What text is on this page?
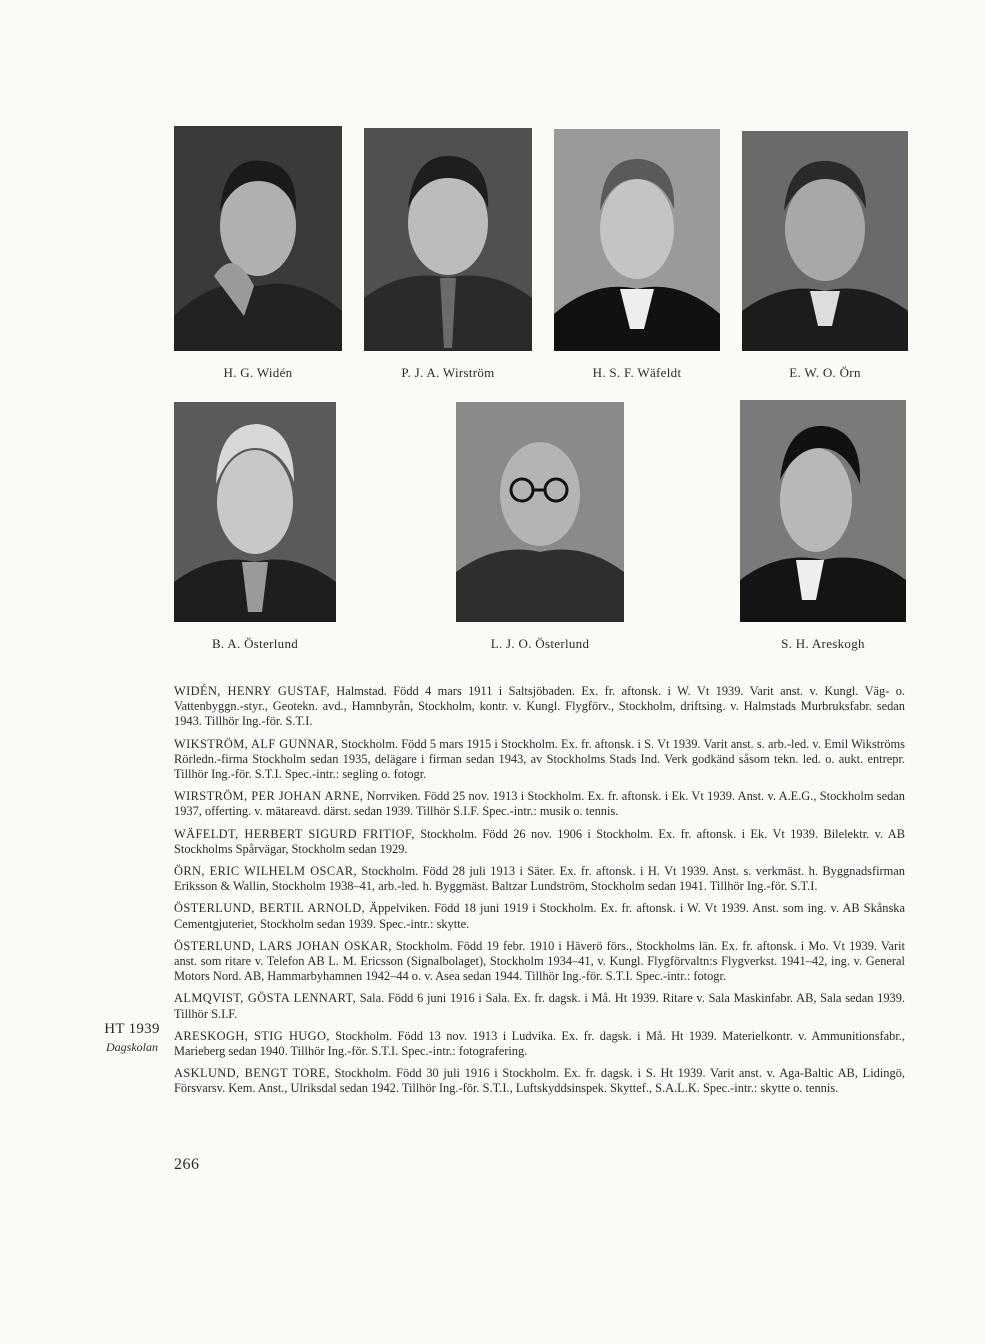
H. G. Widén	P. J. A. Wirström	H. S. F. Wäfeldt	E. W. O. Örn
B. A. Österlund	L. J. O. Österlund	S. H. Areskogh
HT 1939
Dagskolan

WIDÉN, HENRY GUSTAF, Halmstad. Född 4 mars 1911 i Saltsjöbaden. Ex. fr. aftonsk. i W. Vt 1939. Varit anst. v. Kungl. Väg- o. Vattenbyggn.-styr., Geotekn. avd., Hamnbyrån, Stockholm, kontr. v. Kungl. Flygförv., Stockholm, driftsing. v. Halmstads Murbruksfabr. sedan 1943. Tillhör Ing.-för. S.T.I.

WIKSTRÖM, ALF GUNNAR, Stockholm. Född 5 mars 1915 i Stockholm. Ex. fr. aftonsk. i S. Vt 1939. Varit anst. s. arb.-led. v. Emil Wikströms Rörledn.-firma Stockholm sedan 1935, delägare i firman sedan 1943, av Stockholms Stads Ind. Verk godkänd såsom tekn. led. o. aukt. entrepr. Tillhör Ing.-för. S.T.I. Spec.-intr.: segling o. fotogr.

WIRSTRÖM, PER JOHAN ARNE, Norrviken. Född 25 nov. 1913 i Stockholm. Ex. fr. aftonsk. i Ek. Vt 1939. Anst. v. A.E.G., Stockholm sedan 1937, offerting. v. mätareavd. därst. sedan 1939. Tillhör S.I.F. Spec.-intr.: musik o. tennis.

WÄFELDT, HERBERT SIGURD FRITIOF, Stockholm. Född 26 nov. 1906 i Stockholm. Ex. fr. aftonsk. i Ek. Vt 1939. Bilelektr. v. AB Stockholms Spårvägar, Stockholm sedan 1929.

ÖRN, ERIC WILHELM OSCAR, Stockholm. Född 28 juli 1913 i Säter. Ex. fr. aftonsk. i H. Vt 1939. Anst. s. verkmäst. h. Byggnadsfirman Eriksson & Wallin, Stockholm 1938–41, arb.-led. h. Byggmäst. Baltzar Lundström, Stockholm sedan 1941. Tillhör Ing.-för. S.T.I.

ÖSTERLUND, BERTIL ARNOLD, Äppelviken. Född 18 juni 1919 i Stockholm. Ex. fr. aftonsk. i W. Vt 1939. Anst. som ing. v. AB Skånska Cementgjuteriet, Stockholm sedan 1939. Spec.-intr.: skytte.

ÖSTERLUND, LARS JOHAN OSKAR, Stockholm. Född 19 febr. 1910 i Häverö förs., Stockholms län. Ex. fr. aftonsk. i Mo. Vt 1939. Varit anst. som ritare v. Telefon AB L. M. Ericsson (Signalbolaget), Stockholm 1934–41, v. Kungl. Flygförvaltn:s Flygverkst. 1941–42, ing. v. General Motors Nord. AB, Hammarbyhamnen 1942–44 o. v. Asea sedan 1944. Tillhör Ing.-för. S.T.I. Spec.-intr.: fotogr.

ALMQVIST, GÖSTA LENNART, Sala. Född 6 juni 1916 i Sala. Ex. fr. dagsk. i Må. Ht 1939. Ritare v. Sala Maskinfabr. AB, Sala sedan 1939. Tillhör S.I.F.

ARESKOGH, STIG HUGO, Stockholm. Född 13 nov. 1913 i Ludvika. Ex. fr. dagsk. i Må. Ht 1939. Materielkontr. v. Ammunitionsfabr., Marieberg sedan 1940. Tillhör Ing.-för. S.T.I. Spec.-intr.: fotografering.

ASKLUND, BENGT TORE, Stockholm. Född 30 juli 1916 i Stockholm. Ex. fr. dagsk. i S. Ht 1939. Varit anst. v. Aga-Baltic AB, Lidingö, Försvarsv. Kem. Anst., Ulriksdal sedan 1942. Tillhör Ing.-för. S.T.I., Luftskyddsinspek. Skyttef., S.A.L.K. Spec.-intr.: skytte o. tennis.

266
